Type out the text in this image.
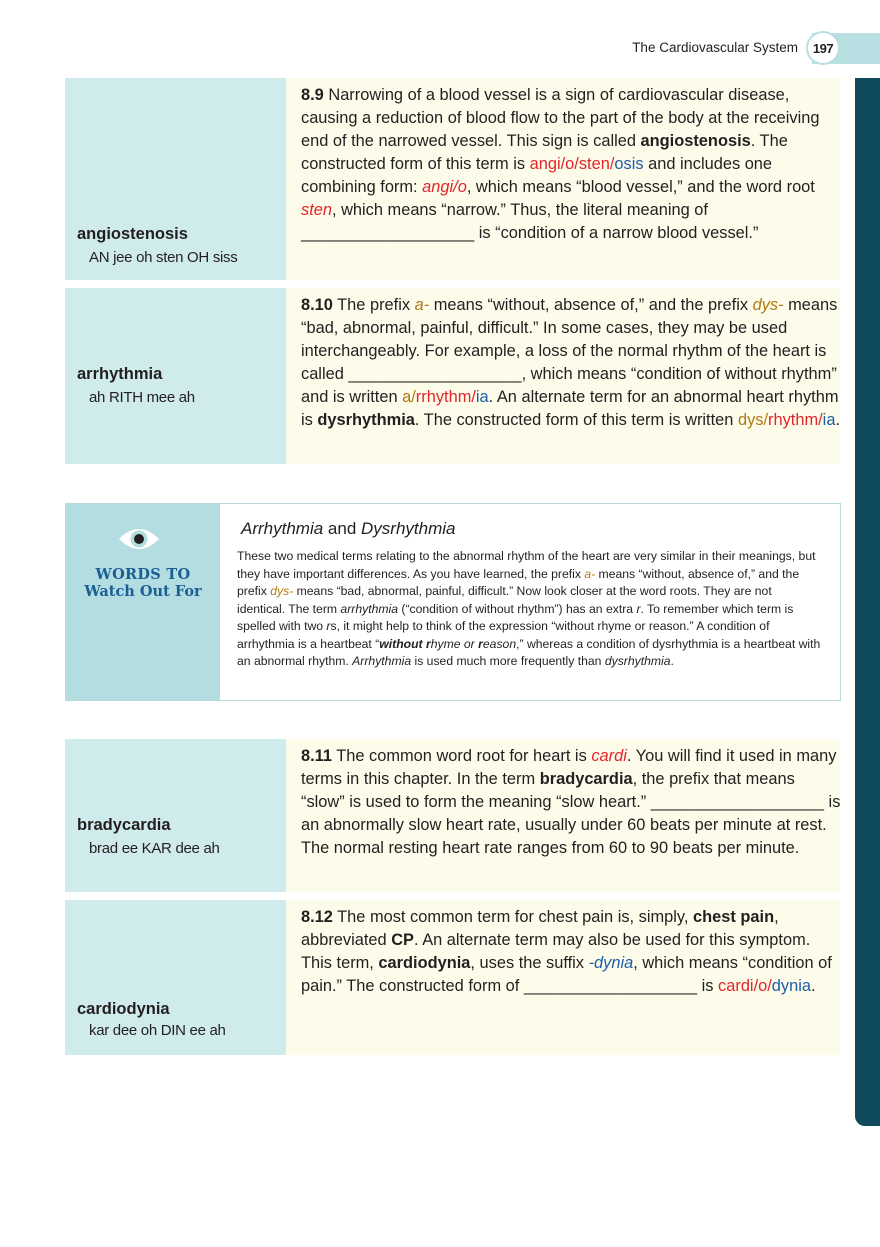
The Cardiovascular System	197
angiostenosis
AN jee oh sten OH siss

8.9 Narrowing of a blood vessel is a sign of cardiovascular disease, causing a reduction of blood flow to the part of the body at the receiving end of the narrowed vessel. This sign is called angiostenosis. The constructed form of this term is angi/o/sten/osis and includes one combining form: angi/o, which means “blood vessel,” and the word root sten, which means “narrow.” Thus, the literal meaning of ___________________ is “condition of a narrow blood vessel.”

arrhythmia
ah RITH mee ah

8.10 The prefix a- means “without, absence of,” and the prefix dys- means “bad, abnormal, painful, difficult.” In some cases, they may be used interchangeably. For example, a loss of the normal rhythm of the heart is called ___________________, which means “condition of without rhythm” and is written a/rrhythm/ia. An alternate term for an abnormal heart rhythm is dysrhythmia. The constructed form of this term is written dys/rhythm/ia.

WORDS TO
Watch Out For
Arrhythmia and Dysrhythmia

These two medical terms relating to the abnormal rhythm of the heart are very similar in their meanings, but they have important differences. As you have learned, the prefix a- means “without, absence of,” and the prefix dys- means “bad, abnormal, painful, difficult.” Now look closer at the word roots. They are not identical. The term arrhythmia (“condition of without rhythm”) has an extra r. To remember which term is spelled with two rs, it might help to think of the expression “without rhyme or reason.” A condition of arrhythmia is a heartbeat “without rhyme or reason,” whereas a condition of dysrhythmia is a heartbeat with an abnormal rhythm. Arrhythmia is used much more frequently than dysrhythmia.

bradycardia
brad ee KAR dee ah

8.11 The common word root for heart is cardi. You will find it used in many terms in this chapter. In the term bradycardia, the prefix that means “slow” is used to form the meaning “slow heart.” ___________________ is an abnormally slow heart rate, usually under 60 beats per minute at rest. The normal resting heart rate ranges from 60 to 90 beats per minute.

cardiodynia
kar dee oh DIN ee ah

8.12 The most common term for chest pain is, simply, chest pain, abbreviated CP. An alternate term may also be used for this symptom. This term, cardiodynia, uses the suffix -dynia, which means “condition of pain.” The constructed form of ___________________ is cardi/o/dynia.
